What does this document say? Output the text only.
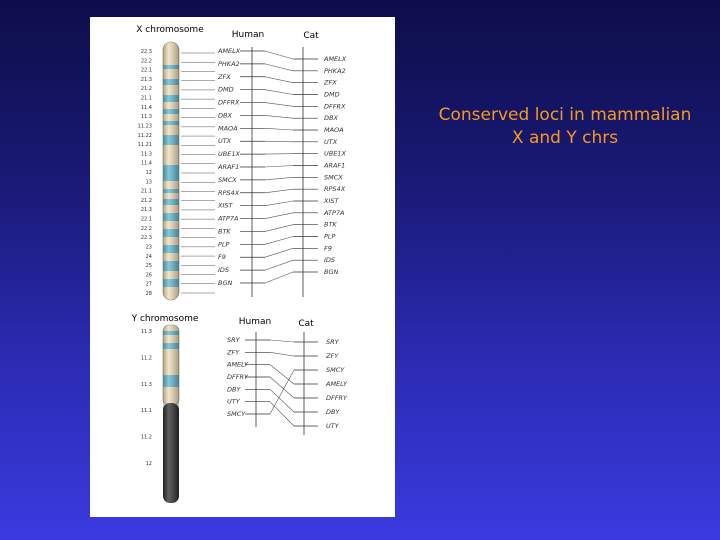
X chromosome	Human	Cat
22.3
22.2
22.1
21.3
21.2
21.1
11.4
11.3
11.23
11.22
11.21
11.3
11.4
12
13
21.1
21.2
21.3
22.1
22.2
22.3
23
24
25
26
27
28
AMELX
PHKA2
ZFX
DMD
DFFRX
DBX
MAOA
UTX
UBE1X
ARAF1
SMCX
RPS4X
XIST
ATP7A
BTK
PLP
F9
IDS
BGN
AMELX
PHKA2
ZFX
DMD
DFFRX
DBX
MAOA
UTX
UBE1X
ARAF1
SMCX
RPS4X
XIST
ATP7A
BTK
PLP
F9
IDS
BGN
Y chromosome	Human	Cat
11.3
11.2
11.3
11.1
11.2
12
SRY
ZFY
AMELY
DFFRY
DBY
UTY
SMCY
SRY
ZFY
SMCY
AMELY
DFFRY
DBY
UTY
Conserved loci in mammalian
X and Y chrs
